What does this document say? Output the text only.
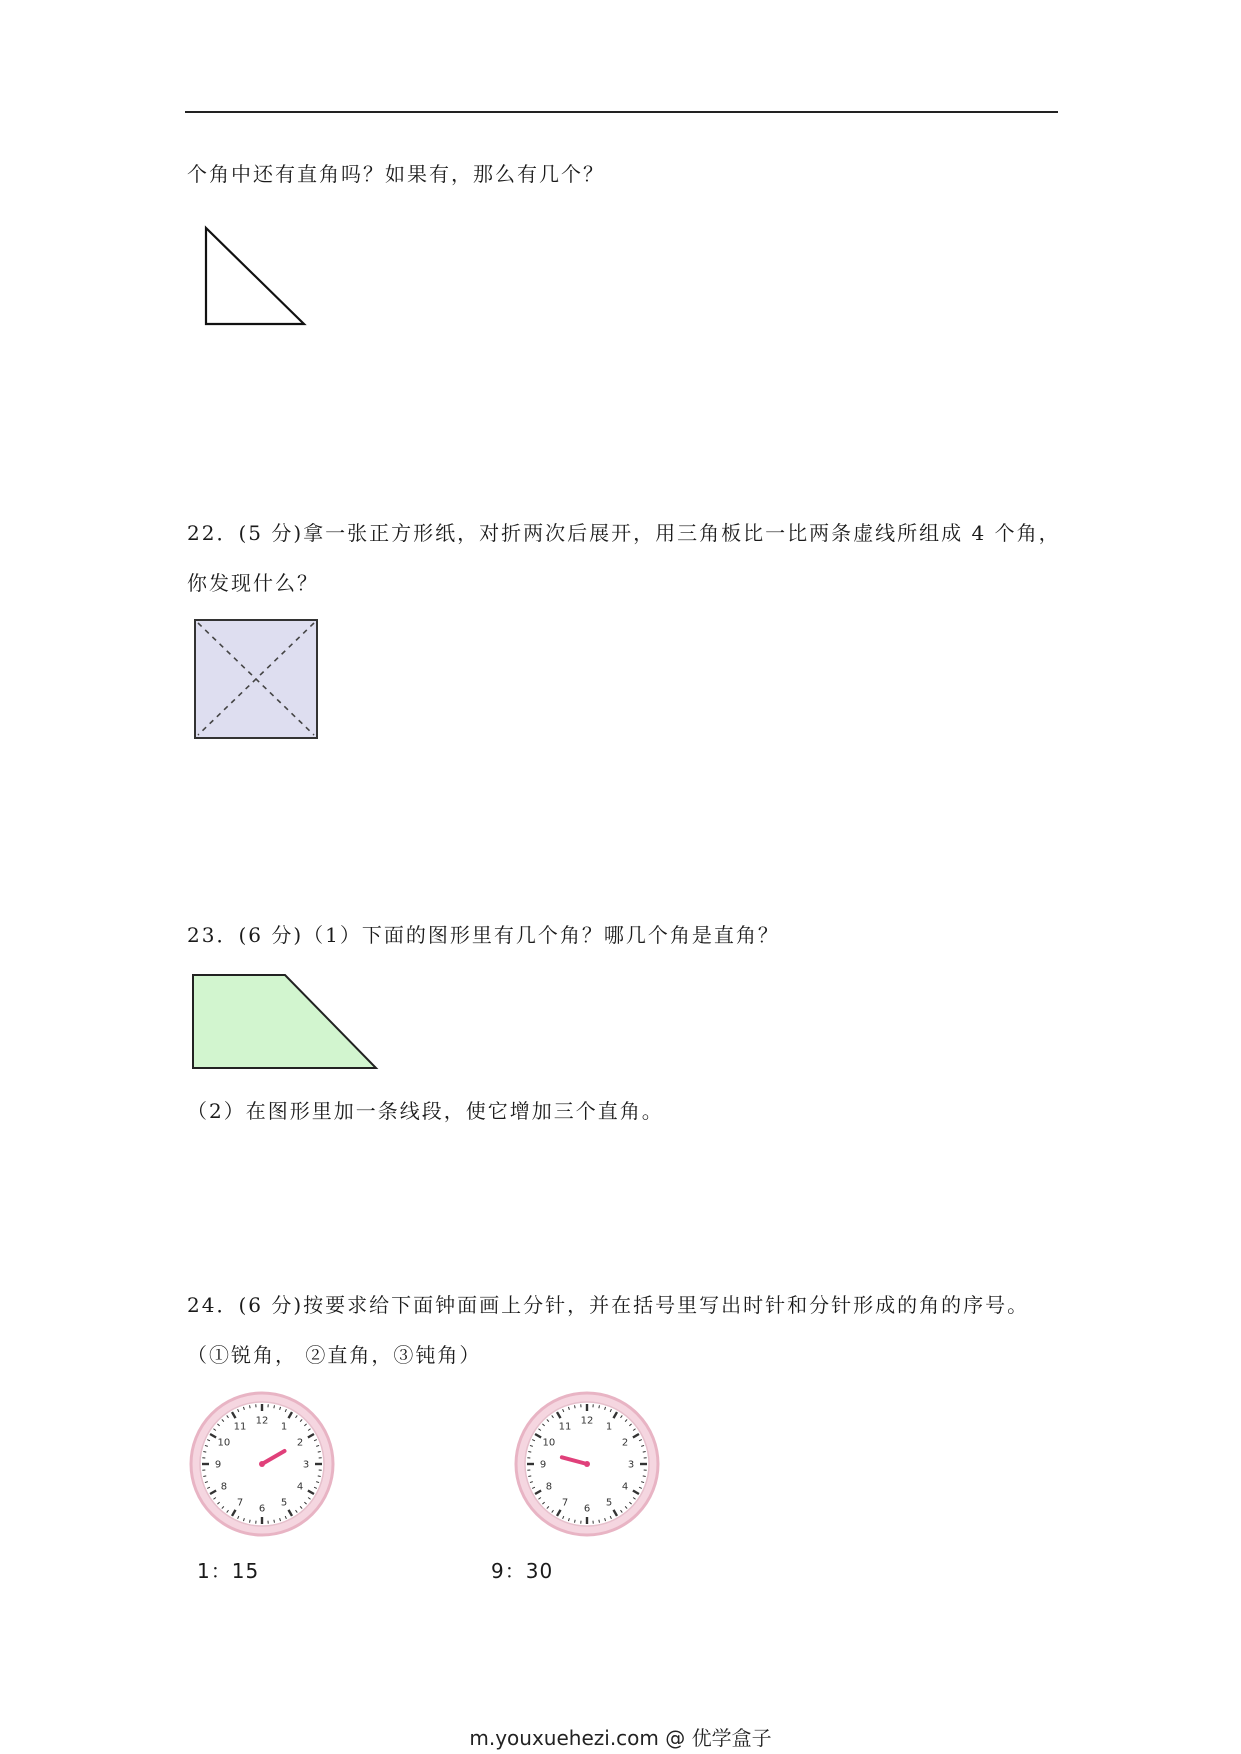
个角中还有直角吗？如果有，那么有几个？
22．(5 分)拿一张正方形纸，对折两次后展开，用三角板比一比两条虚线所组成 4 个角，
你发现什么？
23．(6 分)（1）下面的图形里有几个角？哪几个角是直角？
（2）在图形里加一条线段，使它增加三个直角。
24．(6 分)按要求给下面钟面画上分针，并在括号里写出时针和分针形成的角的序号。
（①锐角， ②直角，③钝角）
12
1
2
3
4
5
6
7
8
9
10
11
1：15
12
1
2
3
4
5
6
7
8
9
10
11
9：30
m.youxuehezi.com @ 优学盒子
